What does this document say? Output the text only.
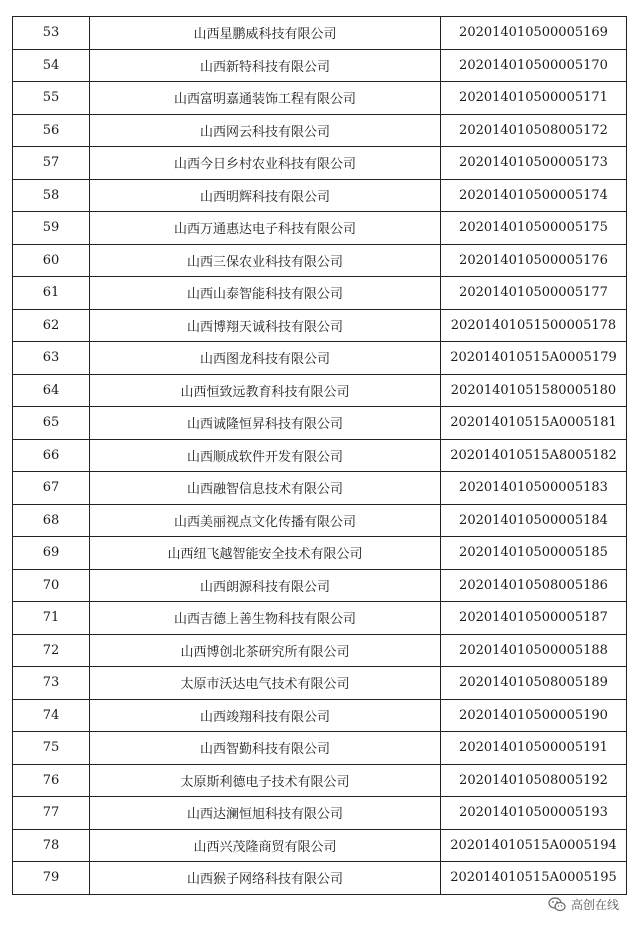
53	山西星鹏威科技有限公司	202014010500005169
54	山西新特科技有限公司	202014010500005170
55	山西富明嘉通装饰工程有限公司	202014010500005171
56	山西网云科技有限公司	202014010508005172
57	山西今日乡村农业科技有限公司	202014010500005173
58	山西明辉科技有限公司	202014010500005174
59	山西万通惠达电子科技有限公司	202014010500005175
60	山西三保农业科技有限公司	202014010500005176
61	山西山泰智能科技有限公司	202014010500005177
62	山西博翔天诚科技有限公司	20201401051500005178
63	山西图龙科技有限公司	202014010515A0005179
64	山西恒致远教育科技有限公司	20201401051580005180
65	山西诚隆恒昇科技有限公司	202014010515A0005181
66	山西顺成软件开发有限公司	202014010515A8005182
67	山西融智信息技术有限公司	202014010500005183
68	山西美丽视点文化传播有限公司	202014010500005184
69	山西纽飞越智能安全技术有限公司	202014010500005185
70	山西朗源科技有限公司	202014010508005186
71	山西吉德上善生物科技有限公司	202014010500005187
72	山西博创北茶研究所有限公司	202014010500005188
73	太原市沃达电气技术有限公司	202014010508005189
74	山西竣翔科技有限公司	202014010500005190
75	山西智勤科技有限公司	202014010500005191
76	太原斯利德电子技术有限公司	202014010508005192
77	山西达澜恒旭科技有限公司	202014010500005193
78	山西兴茂隆商贸有限公司	202014010515A0005194
79	山西猴子网络科技有限公司	202014010515A0005195
高创在线
